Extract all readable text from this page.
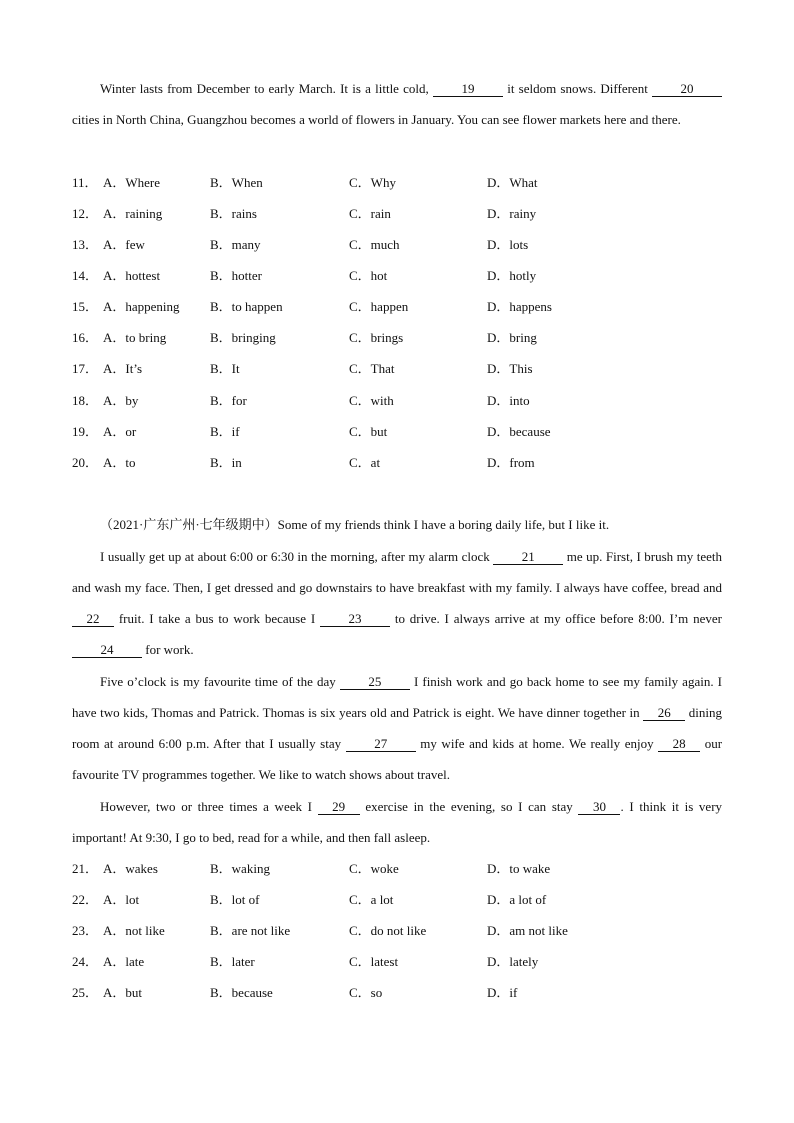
Winter lasts from December to early March. It is a little cold,	19	it seldom snows. Different	20 cities in North China, Guangzhou becomes a world of flowers in January. You can see flower markets here and there.
11． A．Where	B．When	C．Why	D．What
12． A．raining	B．rains	C．rain	D．rainy
13． A．few	B．many	C．much	D．lots
14． A．hottest	B．hotter	C．hot	D．hotly
15． A．happening B．to happen	C．happen	D．happens
16． A．to bring	B．bringing	C．brings	D．bring
17． A．It’s	B．It	C．That	D．This
18． A．by	B．for	C．with	D．into
19． A．or	B．if	C．but	D．because
20． A．to	B．in	C．at	D．from
（2021·广东广州·七年级期中）Some of my friends think I have a boring daily life, but I like it.
I usually get up at about 6:00 or 6:30 in the morning, after my alarm clock 21 me up. First, I brush my teeth and wash my face. Then, I get dressed and go downstairs to have breakfast with my family. I always have coffee, bread and 22 fruit. I take a bus to work because I	23	to drive. I always arrive at my office before 8:00. I’m never 24 for work.
Five o’clock is my favourite time of the day	25	I finish work and go back home to see my family again. I have two kids, Thomas and Patrick. Thomas is six years old and Patrick is eight. We have dinner together in 26 dining room at around 6:00 p.m. After that I usually stay	27	my wife and kids at home. We really enjoy 28 our favourite TV programmes together. We like to watch shows about travel.
However, two or three times a week I 29 exercise in the evening, so I can stay 30 . I think it is very important! At 9:30, I go to bed, read for a while, and then fall asleep.
21． A．wakes	B．waking	C．woke	D．to wake
22． A．lot	B．lot of	C．a lot	D．a lot of
23． A．not like	B．are not like	C．do not like	D．am not like
24． A．late	B．later	C．latest	D．lately
25． A．but	B．because	C．so	D．if
